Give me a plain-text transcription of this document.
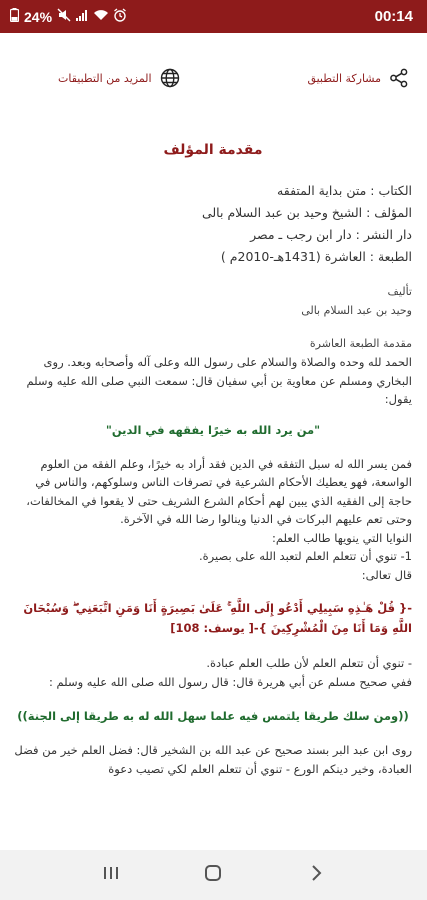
24%	00:14
المزيد من التطبيقات	مشاركة التطبيق
مقدمة المؤلف
الكتاب : متن بداية المتفقه
المؤلف : الشيخ وحيد بن عبد السلام بالى
دار النشر : دار ابن رجب ـ مصر
الطبعة : العاشرة (1431هـ-2010م )
تأليف
وحيد بن عبد السلام بالى
مقدمة الطبعة العاشرة
الحمد لله وحده والصلاة والسلام على رسول الله وعلى آله وأصحابه وبعد. روى البخاري ومسلم عن معاوية بن أبي سفيان قال: سمعت النبي صلى الله عليه وسلم يقول:
"من يرد الله به خيرًا يفقهه في الدين"
فمن يسر الله له سبل التفقه في الدين فقد أراد به خيرًا، وعلم الفقه من العلوم الواسعة، فهو يعطيك الأحكام الشرعية في تصرفات الناس وسلوكهم، والناس في حاجة إلى الفقيه الذي يبين لهم أحكام الشرع الشريف حتى لا يقعوا في المخالفات، وحتى تعم عليهم البركات في الدنيا وينالوا رضا الله في الآخرة.
النوايا التي ينويها طالب العلم:
1- تنوي أن تتعلم العلم لتعبد الله على بصيرة.
قال تعالى:
-{ قُلْ هَـٰذِهِ سَبِيلِي أَدْعُو إِلَى اللَّهِ ۚ عَلَىٰ بَصِيرَةٍ أَنَا وَمَنِ اتَّبَعَنِي ۖ وَسُبْحَانَ اللَّهِ وَمَا أَنَا مِنَ الْمُشْرِكِينَ }-[ يوسف: 108]
- تنوي أن تتعلم العلم لأن طلب العلم عبادة.
ففي صحيح مسلم عن أبي هريرة قال: قال رسول الله صلى الله عليه وسلم :
((ومن سلك طريقا يلتمس فيه علما سهل الله له به طريقا إلى الجنة))
روى ابن عبد البر بسند صحيح عن عبد الله بن الشخير قال: فضل العلم خير من فضل العبادة، وخير دينكم الورع - تنوي أن تتعلم العلم لكي تصيب دعوة
